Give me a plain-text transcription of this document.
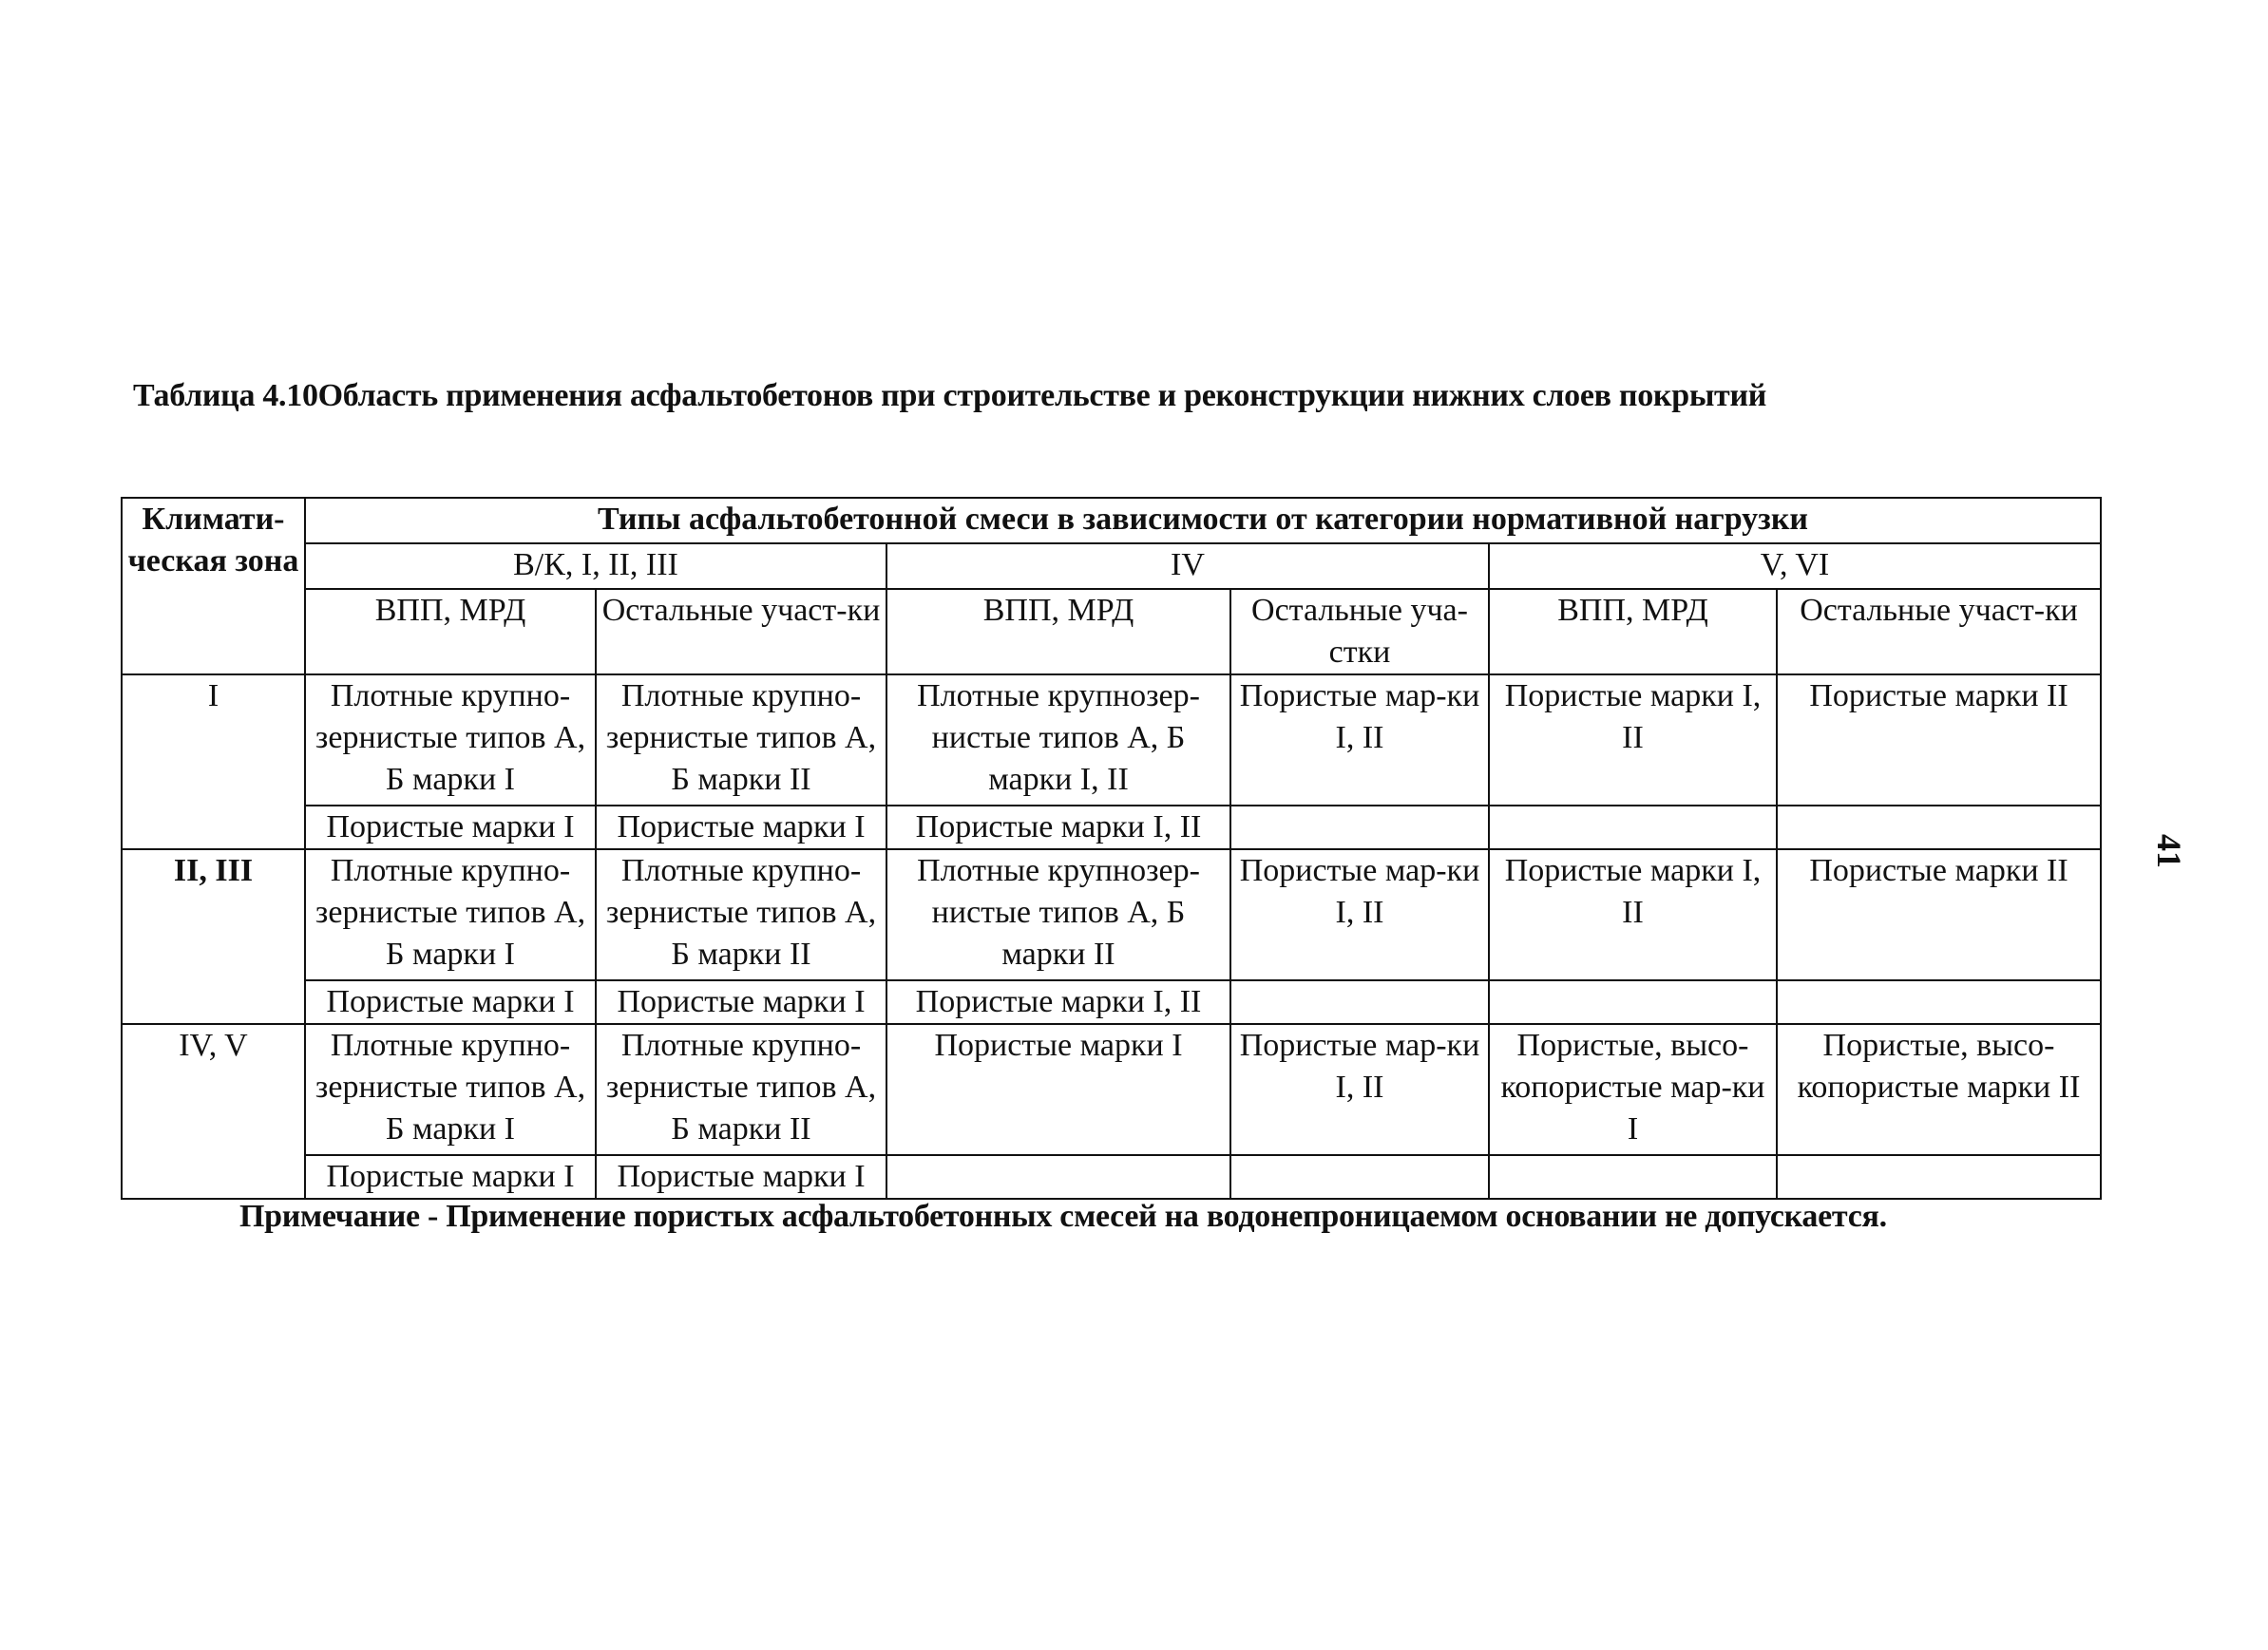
Таблица 4.10Область применения асфальтобетонов при строительстве и реконструкции нижних слоев покрытий
Климати-ческая зона	Типы асфальтобетонной смеси в зависимости от категории нормативной нагрузки					
	В/К, I, II, III		IV		V, VI	
	ВПП, МРД	Остальные участ-ки	ВПП, МРД	Остальные уча-стки	ВПП, МРД	Остальные участ-ки
I	Плотные крупно-зернистые типов А, Б марки I	Плотные крупно-зернистые типов А, Б марки II	Плотные крупнозер-нистые типов А, Б марки I, II	Пористые мар-ки I, II	Пористые марки I, II	Пористые марки II
	Пористые марки I	Пористые марки I	Пористые марки I, II			
II, III	Плотные крупно-зернистые типов А, Б марки I	Плотные крупно-зернистые типов А, Б марки II	Плотные крупнозер-нистые типов А, Б марки II	Пористые мар-ки I, II	Пористые марки I, II	Пористые марки II
	Пористые марки I	Пористые марки I	Пористые марки I, II			
IV, V	Плотные крупно-зернистые типов А, Б марки I	Плотные крупно-зернистые типов А, Б марки II	Пористые марки I	Пористые мар-ки I, II	Пористые, высо-копористые мар-ки I	Пористые, высо-копористые марки II
	Пористые марки I	Пористые марки I				
Примечание - Применение пористых асфальтобетонных смесей на водонепроницаемом основании не допускается.
41
